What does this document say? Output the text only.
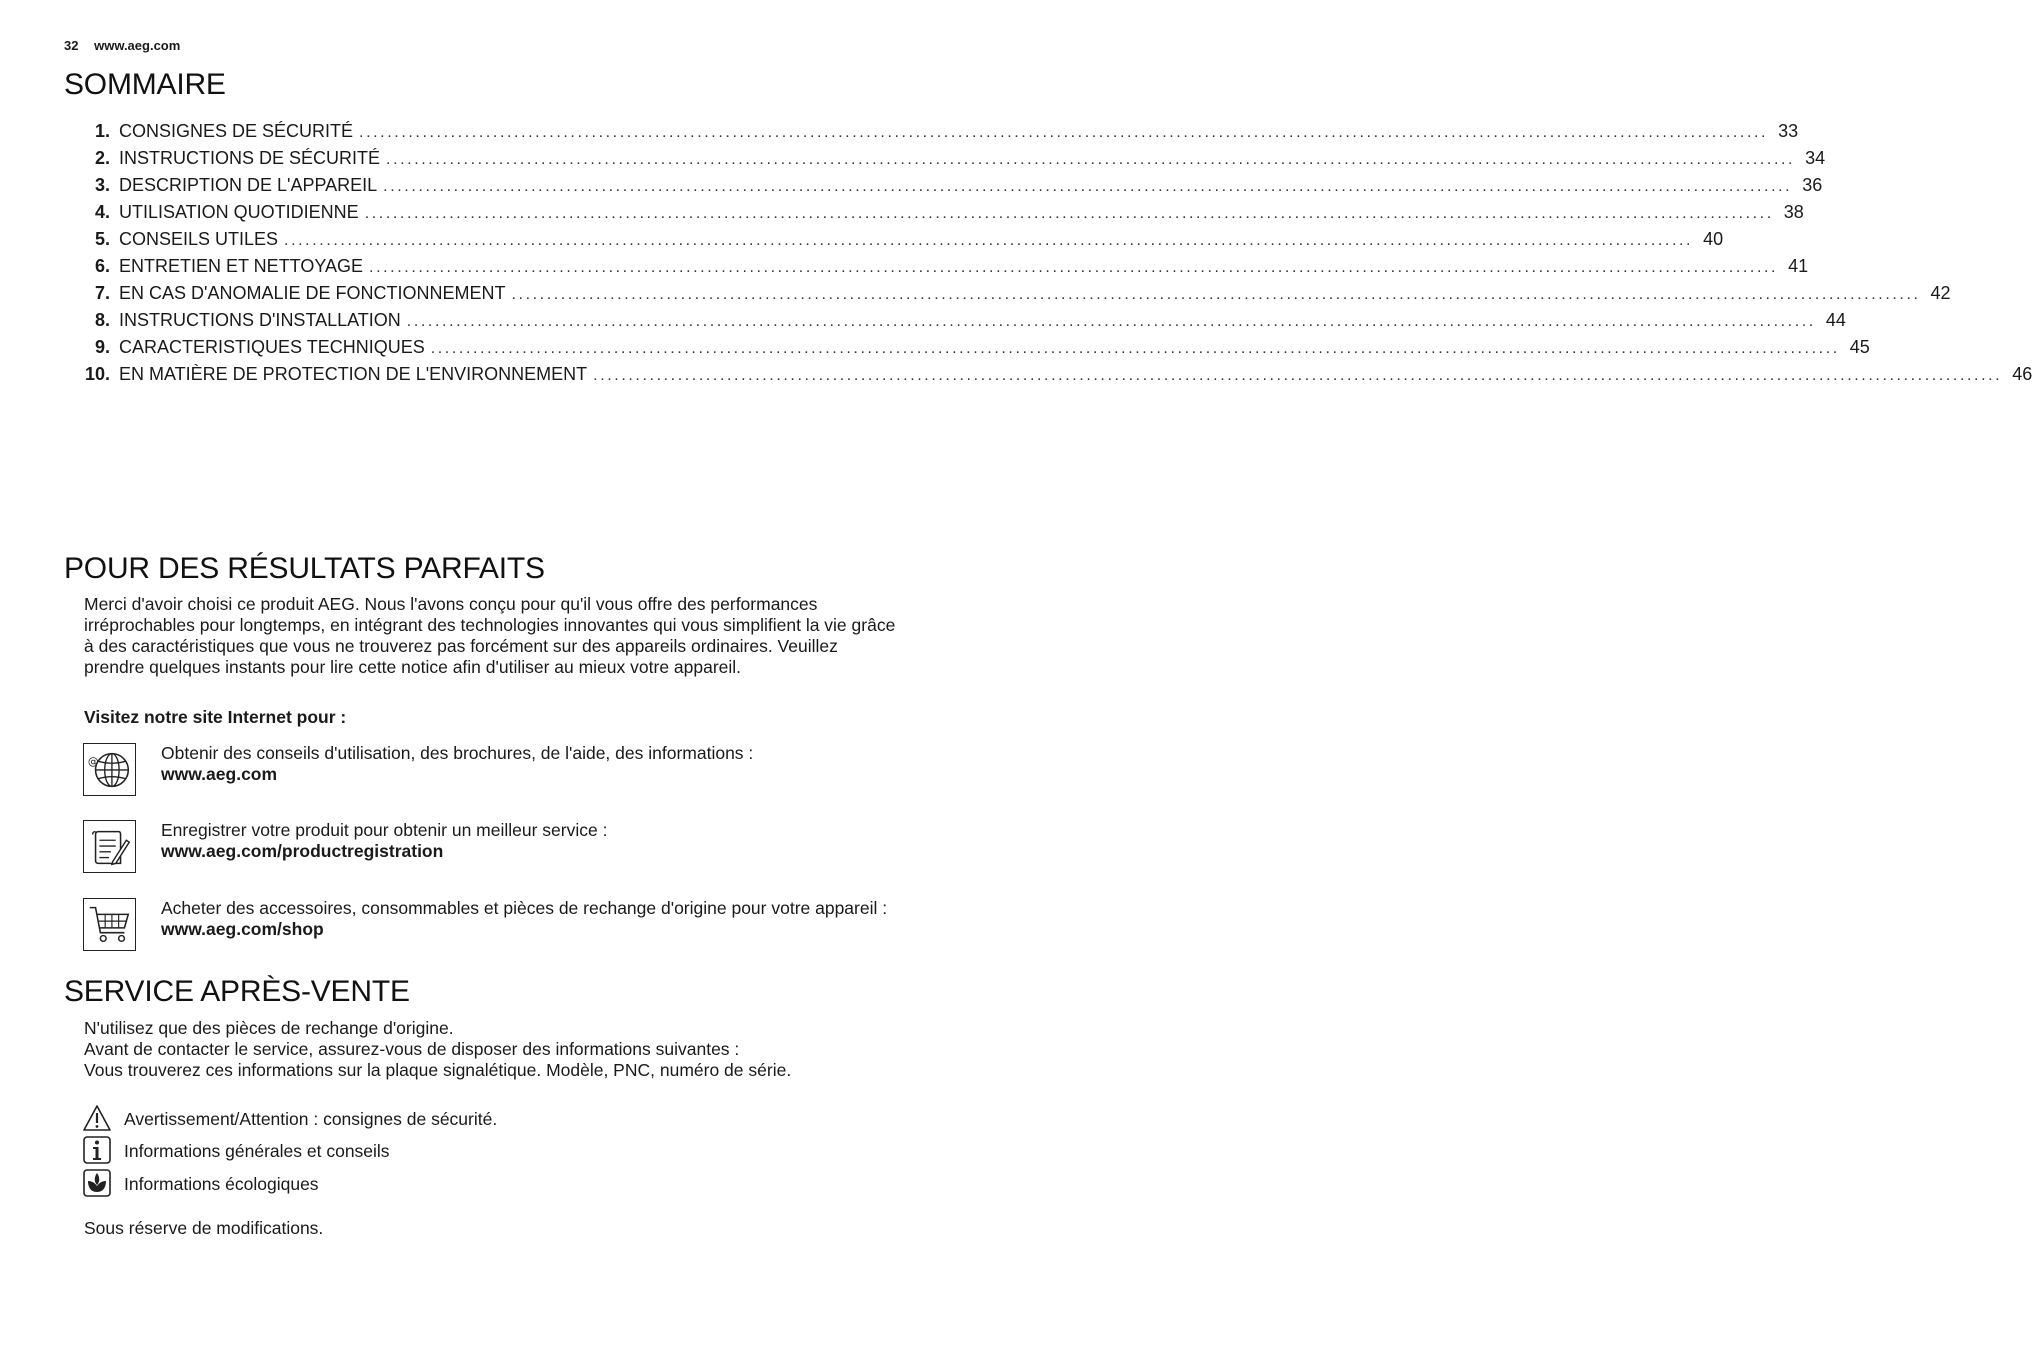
32 www.aeg.com
SOMMAIRE
1. CONSIGNES DE SÉCURITÉ ........................................................................................................................................................................................................ 33
2. INSTRUCTIONS DE SÉCURITÉ ........................................................................................................................................................................................................ 34
3. DESCRIPTION DE L'APPAREIL ........................................................................................................................................................................................................ 36
4. UTILISATION QUOTIDIENNE ........................................................................................................................................................................................................ 38
5. CONSEILS UTILES ........................................................................................................................................................................................................ 40
6. ENTRETIEN ET NETTOYAGE ........................................................................................................................................................................................................ 41
7. EN CAS D'ANOMALIE DE FONCTIONNEMENT ........................................................................................................................................................................................................ 42
8. INSTRUCTIONS D'INSTALLATION ........................................................................................................................................................................................................ 44
9. CARACTERISTIQUES TECHNIQUES ........................................................................................................................................................................................................ 45
10. EN MATIÈRE DE PROTECTION DE L'ENVIRONNEMENT ........................................................................................................................................................................................................ 46
POUR DES RÉSULTATS PARFAITS
Merci d'avoir choisi ce produit AEG. Nous l'avons conçu pour qu'il vous offre des performances irréprochables pour longtemps, en intégrant des technologies innovantes qui vous simplifient la vie grâce à des caractéristiques que vous ne trouverez pas forcément sur des appareils ordinaires. Veuillez prendre quelques instants pour lire cette notice afin d'utiliser au mieux votre appareil.
Visitez notre site Internet pour :
@	Obtenir des conseils d'utilisation, des brochures, de l'aide, des informations :
www.aeg.com
Enregistrer votre produit pour obtenir un meilleur service :
www.aeg.com/productregistration
Acheter des accessoires, consommables et pièces de rechange d'origine pour votre appareil :
www.aeg.com/shop
SERVICE APRÈS-VENTE
N'utilisez que des pièces de rechange d'origine.
Avant de contacter le service, assurez-vous de disposer des informations suivantes :
Vous trouverez ces informations sur la plaque signalétique. Modèle, PNC, numéro de série.
Avertissement/Attention : consignes de sécurité.
Informations générales et conseils
Informations écologiques
Sous réserve de modifications.
